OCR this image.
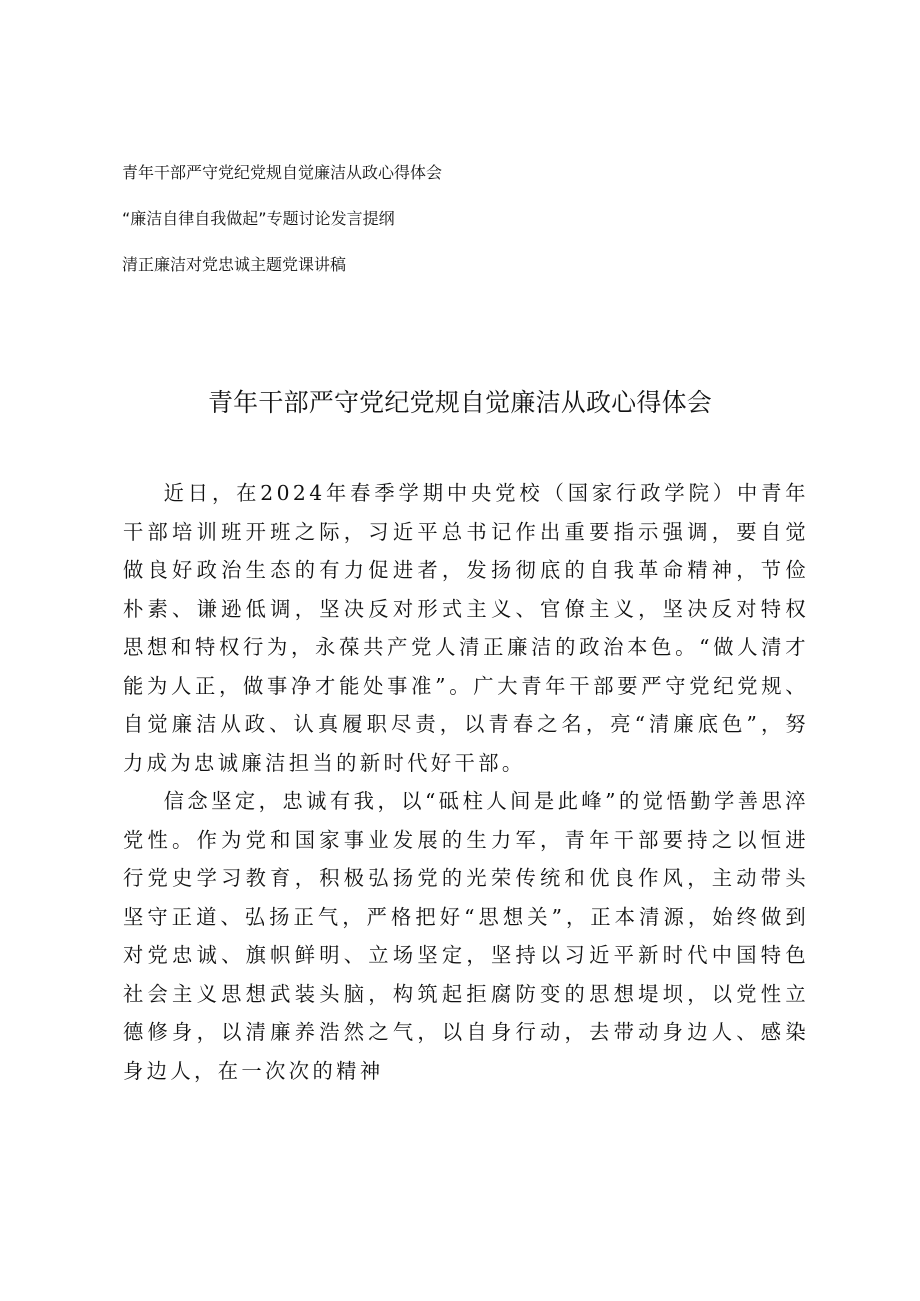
青年干部严守党纪党规自觉廉洁从政心得体会
“廉洁自律自我做起”专题讨论发言提纲
清正廉洁对党忠诚主题党课讲稿
青年干部严守党纪党规自觉廉洁从政心得体会

近日，在2024年春季学期中央党校（国家行政学院）中青年干部培训班开班之际，习近平总书记作出重要指示强调，要自觉做良好政治生态的有力促进者，发扬彻底的自我革命精神，节俭朴素、谦逊低调，坚决反对形式主义、官僚主义，坚决反对特权思想和特权行为，永葆共产党人清正廉洁的政治本色。“做人清才能为人正，做事净才能处事准”。广大青年干部要严守党纪党规、自觉廉洁从政、认真履职尽责，以青春之名，亮“清廉底色”，努力成为忠诚廉洁担当的新时代好干部。

信念坚定，忠诚有我，以“砥柱人间是此峰”的觉悟勤学善思淬党性。作为党和国家事业发展的生力军，青年干部要持之以恒进行党史学习教育，积极弘扬党的光荣传统和优良作风，主动带头坚守正道、弘扬正气，严格把好“思想关”，正本清源，始终做到对党忠诚、旗帜鲜明、立场坚定，坚持以习近平新时代中国特色社会主义思想武装头脑，构筑起拒腐防变的思想堤坝，以党性立德修身，以清廉养浩然之气，以自身行动，去带动身边人、感染身边人，在一次次的精神
